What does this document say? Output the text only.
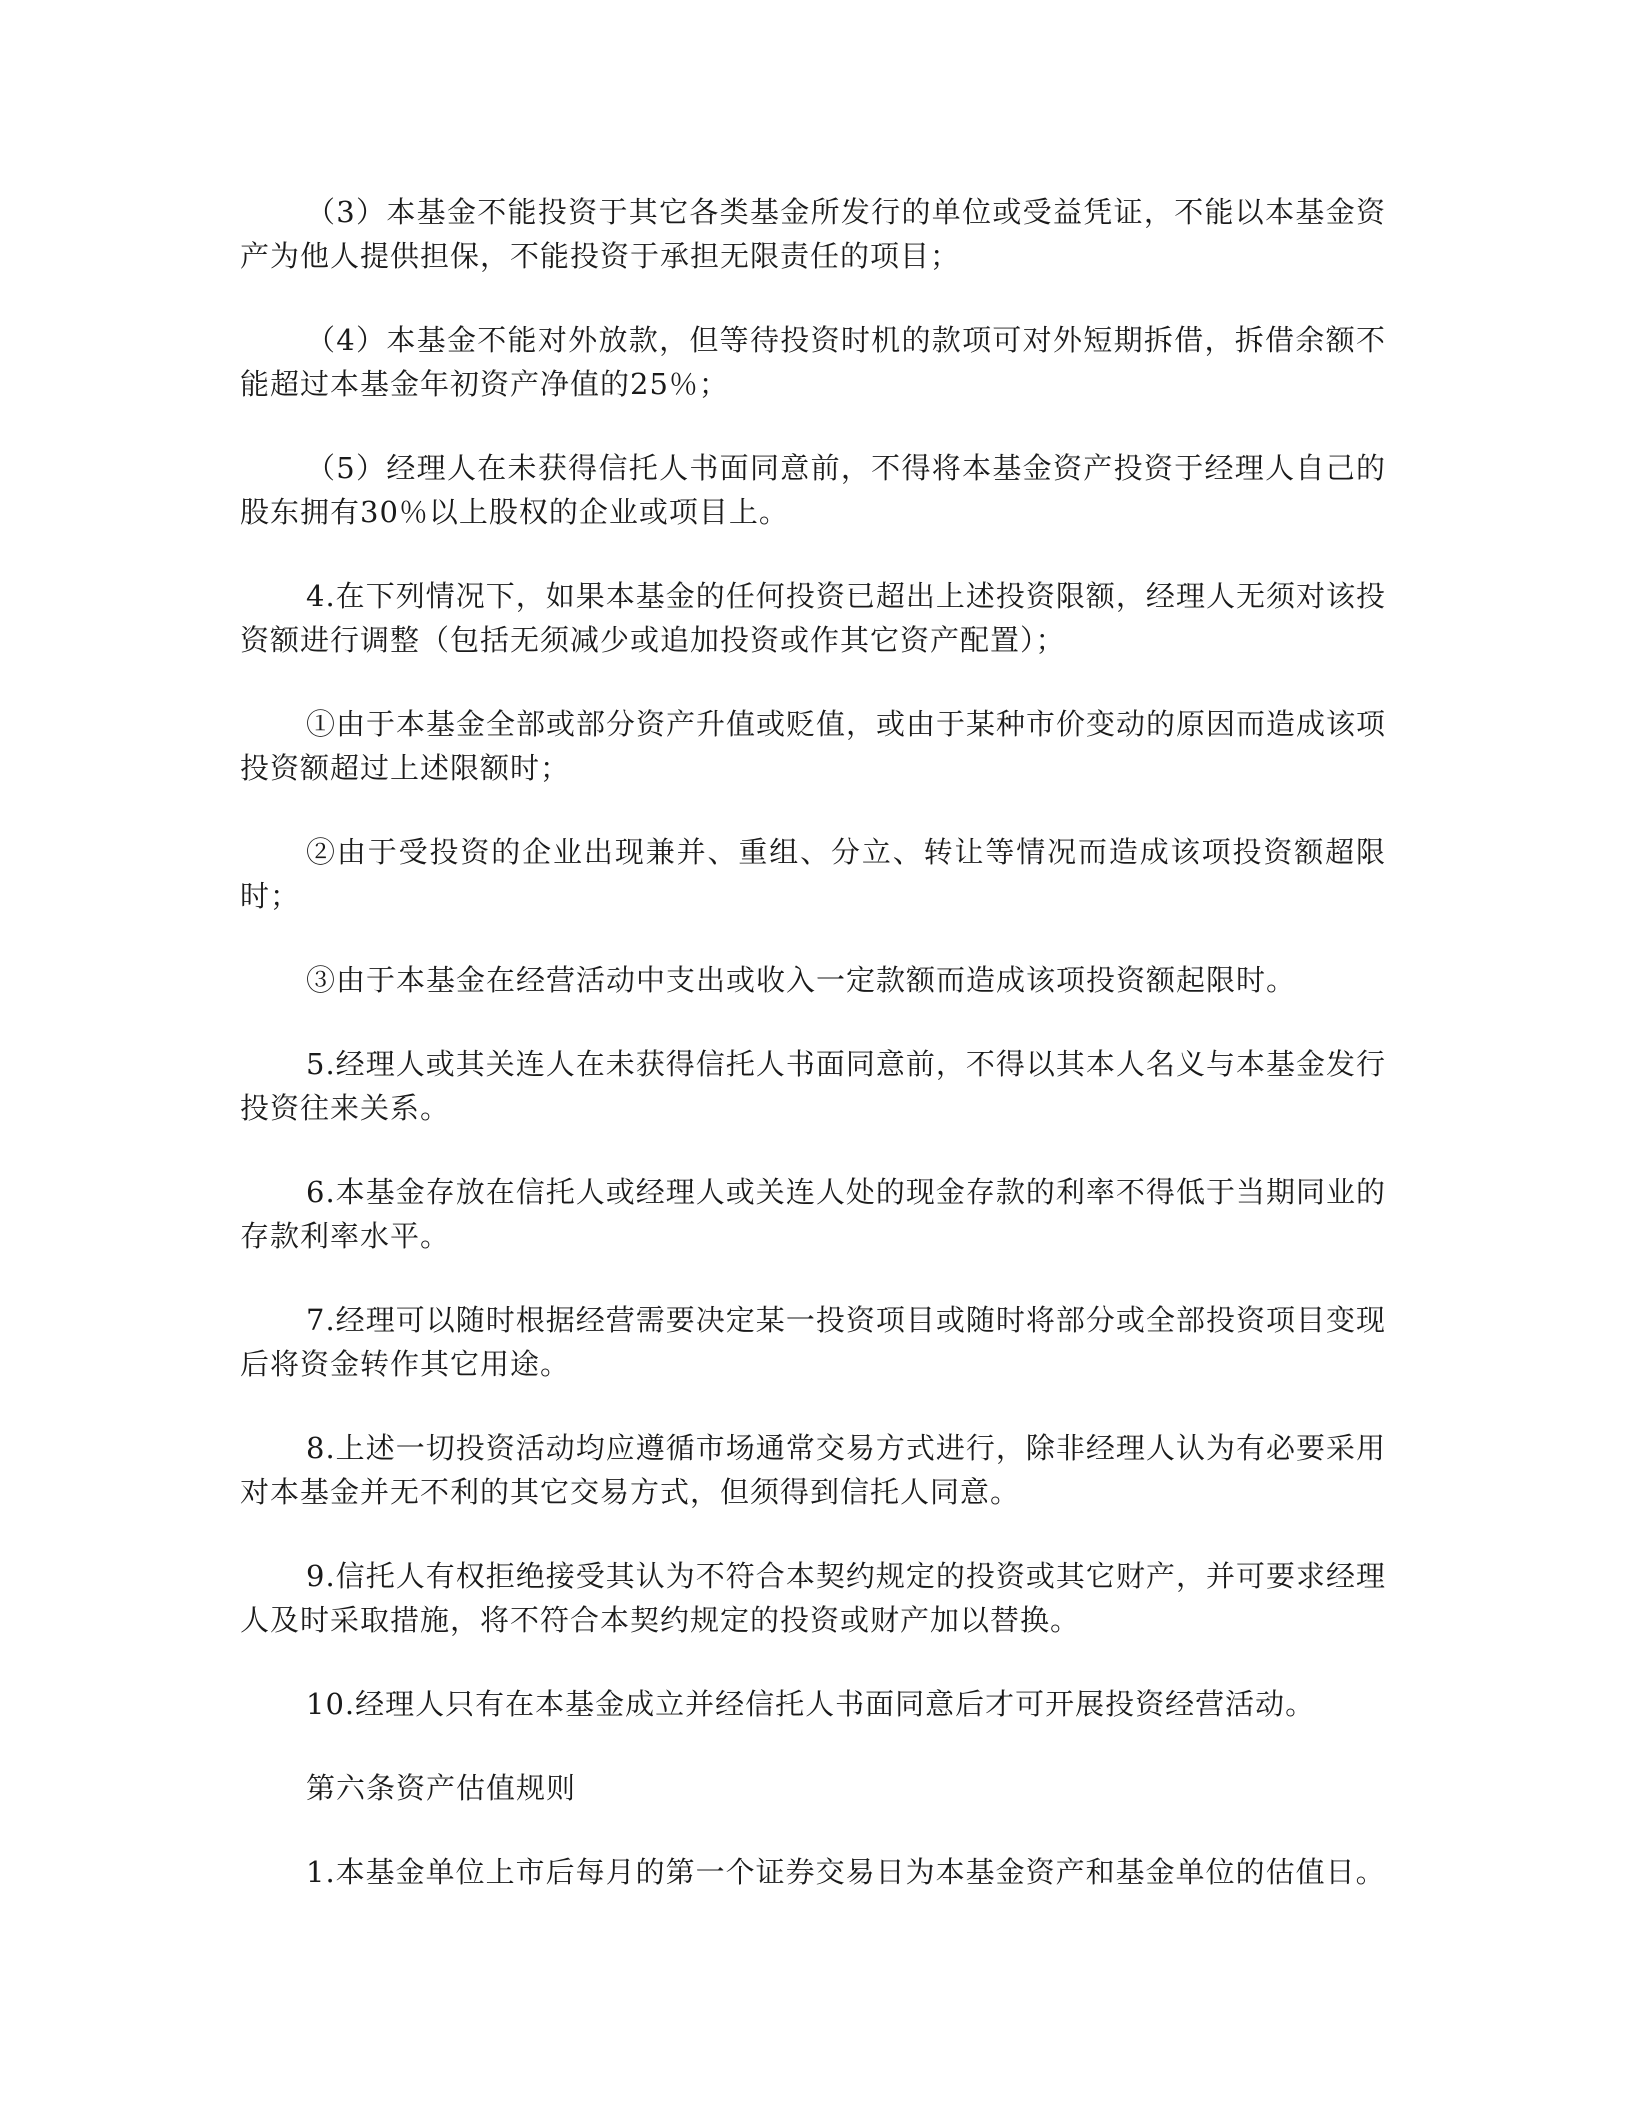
（3）本基金不能投资于其它各类基金所发行的单位或受益凭证，不能以本基金资产为他人提供担保，不能投资于承担无限责任的项目；

（4）本基金不能对外放款，但等待投资时机的款项可对外短期拆借，拆借余额不能超过本基金年初资产净值的25％；

（5）经理人在未获得信托人书面同意前，不得将本基金资产投资于经理人自己的股东拥有30％以上股权的企业或项目上。

4.在下列情况下，如果本基金的任何投资已超出上述投资限额，经理人无须对该投资额进行调整（包括无须减少或追加投资或作其它资产配置）；

①由于本基金全部或部分资产升值或贬值，或由于某种市价变动的原因而造成该项投资额超过上述限额时；

②由于受投资的企业出现兼并、重组、分立、转让等情况而造成该项投资额超限时；

③由于本基金在经营活动中支出或收入一定款额而造成该项投资额起限时。

5.经理人或其关连人在未获得信托人书面同意前，不得以其本人名义与本基金发行投资往来关系。

6.本基金存放在信托人或经理人或关连人处的现金存款的利率不得低于当期同业的存款利率水平。

7.经理可以随时根据经营需要决定某一投资项目或随时将部分或全部投资项目变现后将资金转作其它用途。

8.上述一切投资活动均应遵循市场通常交易方式进行，除非经理人认为有必要采用对本基金并无不利的其它交易方式，但须得到信托人同意。

9.信托人有权拒绝接受其认为不符合本契约规定的投资或其它财产，并可要求经理人及时采取措施，将不符合本契约规定的投资或财产加以替换。

10.经理人只有在本基金成立并经信托人书面同意后才可开展投资经营活动。

第六条资产估值规则

1.本基金单位上市后每月的第一个证券交易日为本基金资产和基金单位的估值日。
